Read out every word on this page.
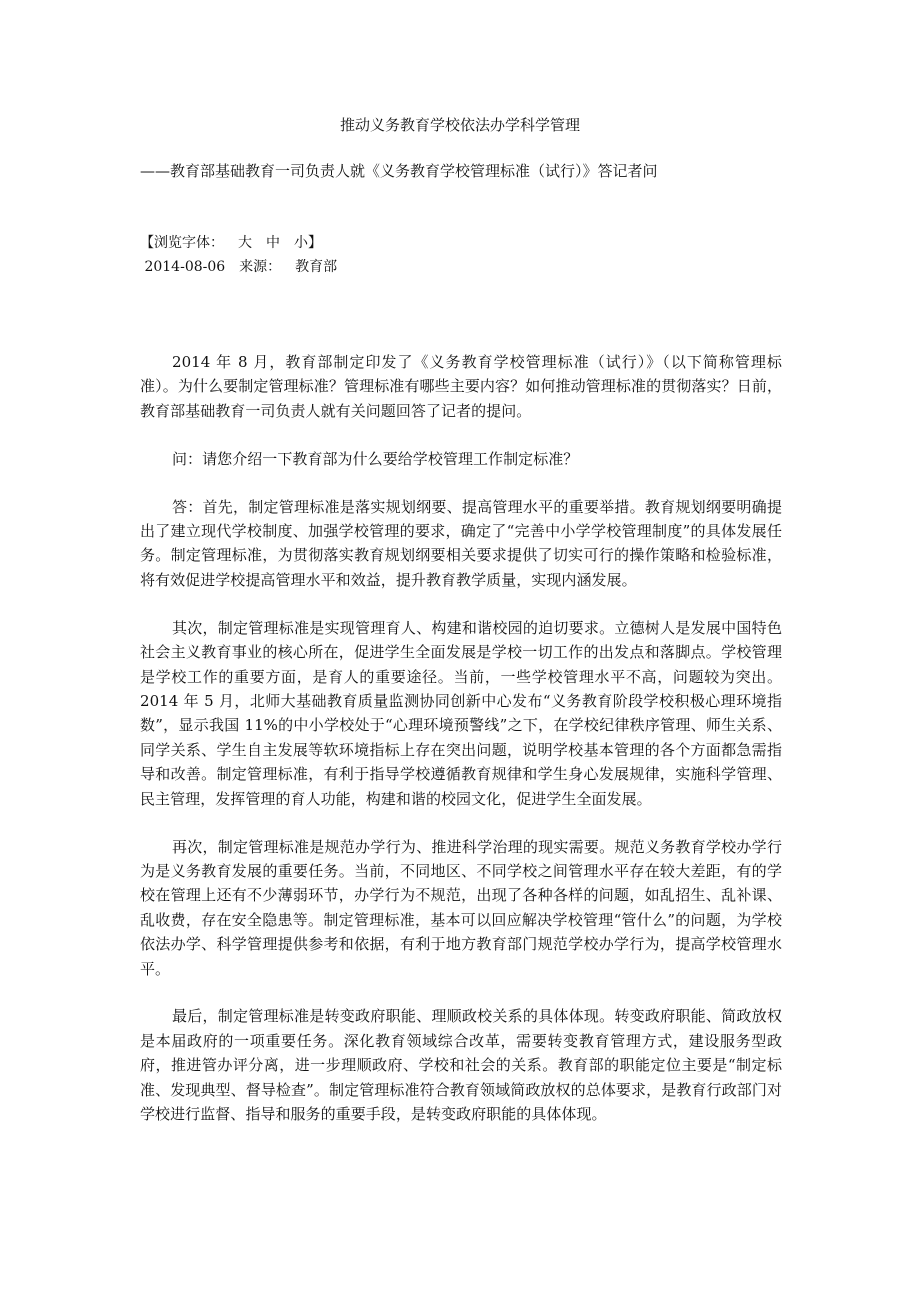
推动义务教育学校依法办学科学管理

——教育部基础教育一司负责人就《义务教育学校管理标准（试行）》答记者问

【浏览字体： 大 中 小】
2014-08-06 来源： 教育部

2014 年 8 月，教育部制定印发了《义务教育学校管理标准（试行）》（以下简称管理标准）。为什么要制定管理标准？管理标准有哪些主要内容？如何推动管理标准的贯彻落实？日前，教育部基础教育一司负责人就有关问题回答了记者的提问。

问：请您介绍一下教育部为什么要给学校管理工作制定标准？

答：首先，制定管理标准是落实规划纲要、提高管理水平的重要举措。教育规划纲要明确提出了建立现代学校制度、加强学校管理的要求，确定了“完善中小学学校管理制度”的具体发展任务。制定管理标准，为贯彻落实教育规划纲要相关要求提供了切实可行的操作策略和检验标准，将有效促进学校提高管理水平和效益，提升教育教学质量，实现内涵发展。

其次，制定管理标准是实现管理育人、构建和谐校园的迫切要求。立德树人是发展中国特色社会主义教育事业的核心所在，促进学生全面发展是学校一切工作的出发点和落脚点。学校管理是学校工作的重要方面，是育人的重要途径。当前，一些学校管理水平不高，问题较为突出。2014 年 5 月，北师大基础教育质量监测协同创新中心发布“义务教育阶段学校积极心理环境指数”，显示我国 11%的中小学校处于“心理环境预警线”之下，在学校纪律秩序管理、师生关系、同学关系、学生自主发展等软环境指标上存在突出问题，说明学校基本管理的各个方面都急需指导和改善。制定管理标准，有利于指导学校遵循教育规律和学生身心发展规律，实施科学管理、民主管理，发挥管理的育人功能，构建和谐的校园文化，促进学生全面发展。

再次，制定管理标准是规范办学行为、推进科学治理的现实需要。规范义务教育学校办学行为是义务教育发展的重要任务。当前，不同地区、不同学校之间管理水平存在较大差距，有的学校在管理上还有不少薄弱环节，办学行为不规范，出现了各种各样的问题，如乱招生、乱补课、乱收费，存在安全隐患等。制定管理标准，基本可以回应解决学校管理“管什么”的问题，为学校依法办学、科学管理提供参考和依据，有利于地方教育部门规范学校办学行为，提高学校管理水平。

最后，制定管理标准是转变政府职能、理顺政校关系的具体体现。转变政府职能、简政放权是本届政府的一项重要任务。深化教育领域综合改革，需要转变教育管理方式，建设服务型政府，推进管办评分离，进一步理顺政府、学校和社会的关系。教育部的职能定位主要是“制定标准、发现典型、督导检查”。制定管理标准符合教育领域简政放权的总体要求，是教育行政部门对学校进行监督、指导和服务的重要手段，是转变政府职能的具体体现。
